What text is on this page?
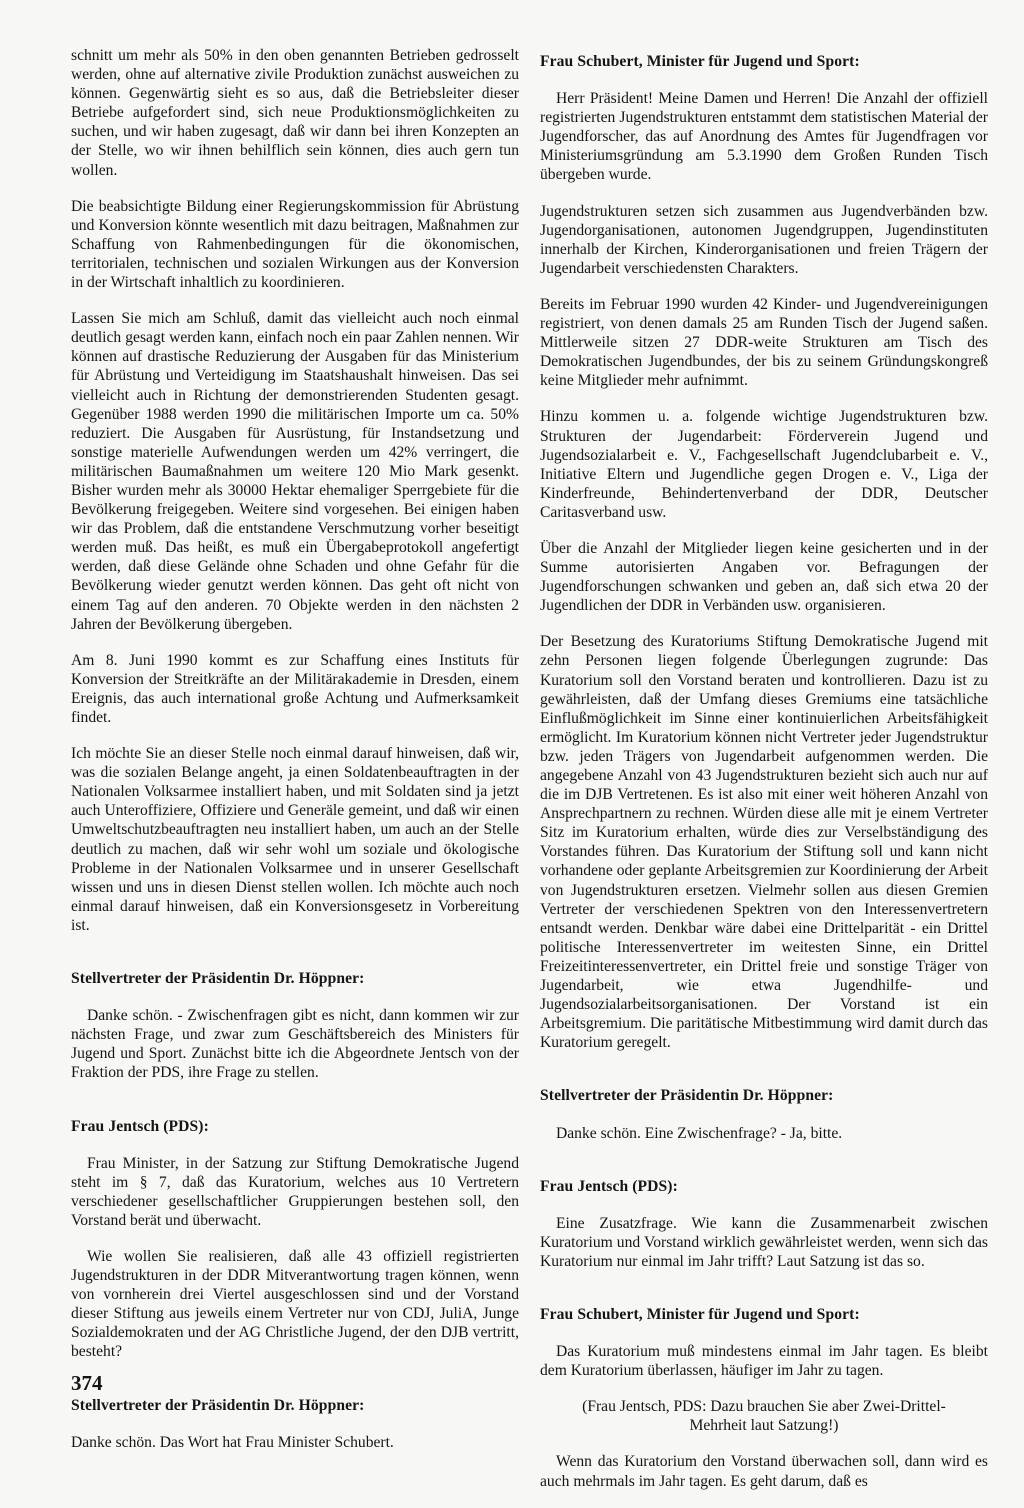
schnitt um mehr als 50% in den oben genannten Betrieben gedrosselt werden, ohne auf alternative zivile Produktion zunächst ausweichen zu können. Gegenwärtig sieht es so aus, daß die Betriebsleiter dieser Betriebe aufgefordert sind, sich neue Produktionsmöglichkeiten zu suchen, und wir haben zugesagt, daß wir dann bei ihren Konzepten an der Stelle, wo wir ihnen behilflich sein können, dies auch gern tun wollen.

Die beabsichtigte Bildung einer Regierungskommission für Abrüstung und Konversion könnte wesentlich mit dazu beitragen, Maßnahmen zur Schaffung von Rahmenbedingungen für die ökonomischen, territorialen, technischen und sozialen Wirkungen aus der Konversion in der Wirtschaft inhaltlich zu koordinieren.

Lassen Sie mich am Schluß, damit das vielleicht auch noch einmal deutlich gesagt werden kann, einfach noch ein paar Zahlen nennen. Wir können auf drastische Reduzierung der Ausgaben für das Ministerium für Abrüstung und Verteidigung im Staatshaushalt hinweisen. Das sei vielleicht auch in Richtung der demonstrierenden Studenten gesagt. Gegenüber 1988 werden 1990 die militärischen Importe um ca. 50% reduziert. Die Ausgaben für Ausrüstung, für Instandsetzung und sonstige materielle Aufwendungen werden um 42% verringert, die militärischen Baumaßnahmen um weitere 120 Mio Mark gesenkt. Bisher wurden mehr als 30000 Hektar ehemaliger Sperrgebiete für die Bevölkerung freigegeben. Weitere sind vorgesehen. Bei einigen haben wir das Problem, daß die entstandene Verschmutzung vorher beseitigt werden muß. Das heißt, es muß ein Übergabeprotokoll angefertigt werden, daß diese Gelände ohne Schaden und ohne Gefahr für die Bevölkerung wieder genutzt werden können. Das geht oft nicht von einem Tag auf den anderen. 70 Objekte werden in den nächsten 2 Jahren der Bevölkerung übergeben.

Am 8. Juni 1990 kommt es zur Schaffung eines Instituts für Konversion der Streitkräfte an der Militärakademie in Dresden, einem Ereignis, das auch international große Achtung und Aufmerksamkeit findet.

Ich möchte Sie an dieser Stelle noch einmal darauf hinweisen, daß wir, was die sozialen Belange angeht, ja einen Soldatenbeauftragten in der Nationalen Volksarmee installiert haben, und mit Soldaten sind ja jetzt auch Unteroffiziere, Offiziere und Generäle gemeint, und daß wir einen Umweltschutzbeauftragten neu installiert haben, um auch an der Stelle deutlich zu machen, daß wir sehr wohl um soziale und ökologische Probleme in der Nationalen Volksarmee und in unserer Gesellschaft wissen und uns in diesen Dienst stellen wollen. Ich möchte auch noch einmal darauf hinweisen, daß ein Konversionsgesetz in Vorbereitung ist.

Stellvertreter der Präsidentin Dr. Höppner:

Danke schön. - Zwischenfragen gibt es nicht, dann kommen wir zur nächsten Frage, und zwar zum Geschäftsbereich des Ministers für Jugend und Sport. Zunächst bitte ich die Abgeordnete Jentsch von der Fraktion der PDS, ihre Frage zu stellen.

Frau Jentsch (PDS):

Frau Minister, in der Satzung zur Stiftung Demokratische Jugend steht im § 7, daß das Kuratorium, welches aus 10 Vertretern verschiedener gesellschaftlicher Gruppierungen bestehen soll, den Vorstand berät und überwacht.

Wie wollen Sie realisieren, daß alle 43 offiziell registrierten Jugendstrukturen in der DDR Mitverantwortung tragen können, wenn von vornherein drei Viertel ausgeschlossen sind und der Vorstand dieser Stiftung aus jeweils einem Vertreter nur von CDJ, JuliA, Junge Sozialdemokraten und der AG Christliche Jugend, der den DJB vertritt, besteht?

Stellvertreter der Präsidentin Dr. Höppner:

Danke schön. Das Wort hat Frau Minister Schubert.

Frau Schubert, Minister für Jugend und Sport:

Herr Präsident! Meine Damen und Herren! Die Anzahl der offiziell registrierten Jugendstrukturen entstammt dem statistischen Material der Jugendforscher, das auf Anordnung des Amtes für Jugendfragen vor Ministeriumsgründung am 5.3.1990 dem Großen Runden Tisch übergeben wurde.

Jugendstrukturen setzen sich zusammen aus Jugendverbänden bzw. Jugendorganisationen, autonomen Jugendgruppen, Jugendinstituten innerhalb der Kirchen, Kinderorganisationen und freien Trägern der Jugendarbeit verschiedensten Charakters.

Bereits im Februar 1990 wurden 42 Kinder- und Jugendvereinigungen registriert, von denen damals 25 am Runden Tisch der Jugend saßen. Mittlerweile sitzen 27 DDR-weite Strukturen am Tisch des Demokratischen Jugendbundes, der bis zu seinem Gründungskongreß keine Mitglieder mehr aufnimmt.

Hinzu kommen u. a. folgende wichtige Jugendstrukturen bzw. Strukturen der Jugendarbeit: Förderverein Jugend und Jugendsozialarbeit e. V., Fachgesellschaft Jugendclubarbeit e. V., Initiative Eltern und Jugendliche gegen Drogen e. V., Liga der Kinderfreunde, Behindertenverband der DDR, Deutscher Caritasverband usw.

Über die Anzahl der Mitglieder liegen keine gesicherten und in der Summe autorisierten Angaben vor. Befragungen der Jugendforschungen schwanken und geben an, daß sich etwa 20 der Jugendlichen der DDR in Verbänden usw. organisieren.

Der Besetzung des Kuratoriums Stiftung Demokratische Jugend mit zehn Personen liegen folgende Überlegungen zugrunde: Das Kuratorium soll den Vorstand beraten und kontrollieren. Dazu ist zu gewährleisten, daß der Umfang dieses Gremiums eine tatsächliche Einflußmöglichkeit im Sinne einer kontinuierlichen Arbeitsfähigkeit ermöglicht. Im Kuratorium können nicht Vertreter jeder Jugendstruktur bzw. jeden Trägers von Jugendarbeit aufgenommen werden. Die angegebene Anzahl von 43 Jugendstrukturen bezieht sich auch nur auf die im DJB Vertretenen. Es ist also mit einer weit höheren Anzahl von Ansprechpartnern zu rechnen. Würden diese alle mit je einem Vertreter Sitz im Kuratorium erhalten, würde dies zur Verselbständigung des Vorstandes führen. Das Kuratorium der Stiftung soll und kann nicht vorhandene oder geplante Arbeitsgremien zur Koordinierung der Arbeit von Jugendstrukturen ersetzen. Vielmehr sollen aus diesen Gremien Vertreter der verschiedenen Spektren von den Interessenvertretern entsandt werden. Denkbar wäre dabei eine Drittelparität - ein Drittel politische Interessenvertreter im weitesten Sinne, ein Drittel Freizeitinteressenvertreter, ein Drittel freie und sonstige Träger von Jugendarbeit, wie etwa Jugendhilfe- und Jugendsozialarbeitsorganisationen. Der Vorstand ist ein Arbeitsgremium. Die paritätische Mitbestimmung wird damit durch das Kuratorium geregelt.

Stellvertreter der Präsidentin Dr. Höppner:

Danke schön. Eine Zwischenfrage? - Ja, bitte.

Frau Jentsch (PDS):

Eine Zusatzfrage. Wie kann die Zusammenarbeit zwischen Kuratorium und Vorstand wirklich gewährleistet werden, wenn sich das Kuratorium nur einmal im Jahr trifft? Laut Satzung ist das so.

Frau Schubert, Minister für Jugend und Sport:

Das Kuratorium muß mindestens einmal im Jahr tagen. Es bleibt dem Kuratorium überlassen, häufiger im Jahr zu tagen.

(Frau Jentsch, PDS: Dazu brauchen Sie aber Zwei-Drittel-Mehrheit laut Satzung!)

Wenn das Kuratorium den Vorstand überwachen soll, dann wird es auch mehrmals im Jahr tagen. Es geht darum, daß es

374
